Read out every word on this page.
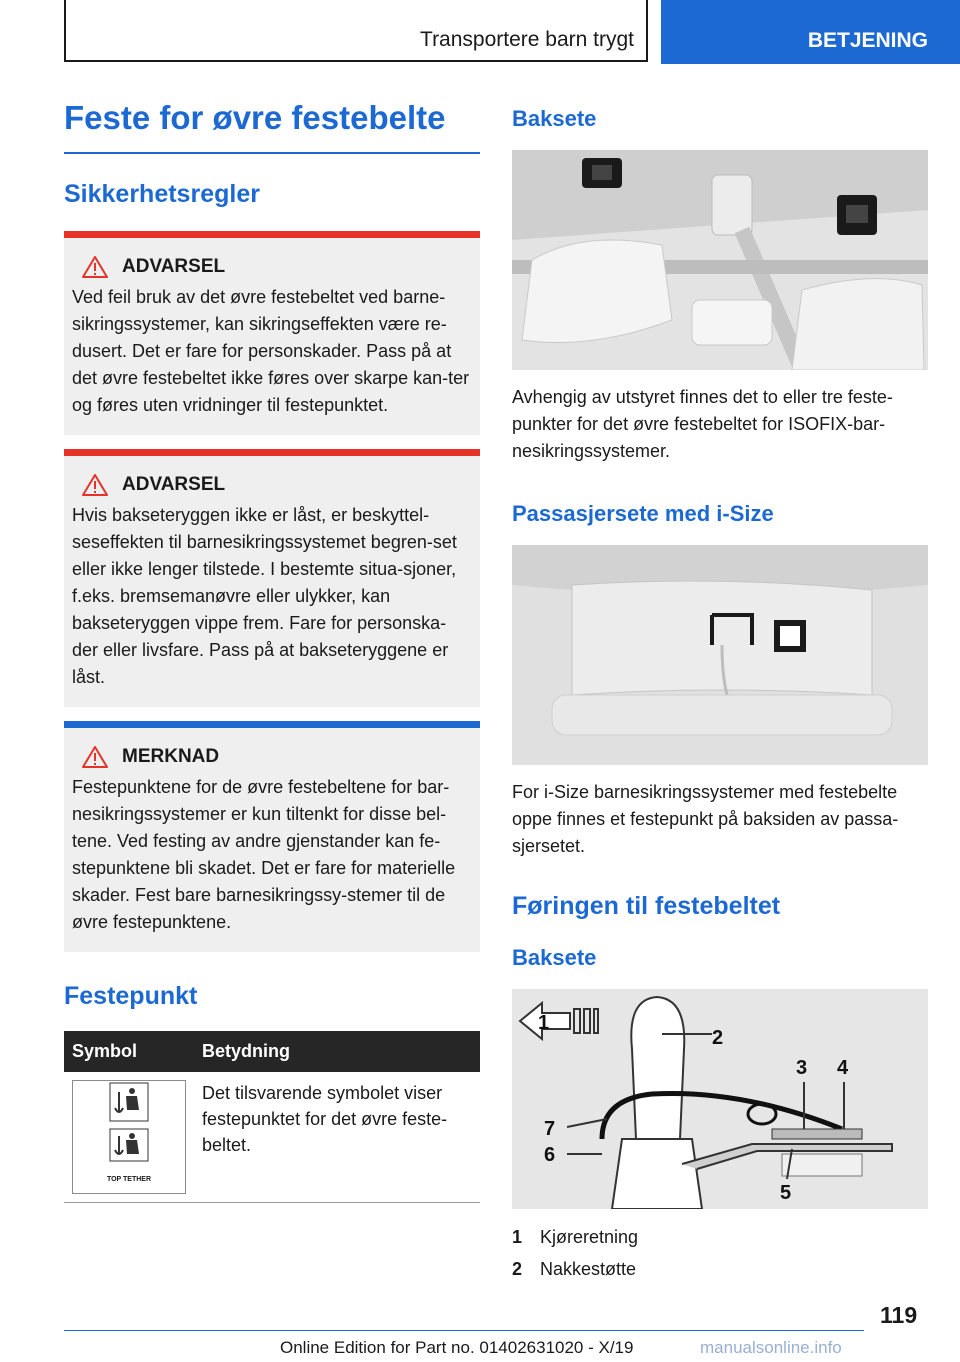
Transportere barn trygt	BETJENING
Feste for øvre festebelte
Sikkerhetsregler
ADVARSEL

Ved feil bruk av det øvre festebeltet ved barne-sikringssystemer, kan sikringseffekten være re-dusert. Det er fare for personskader. Pass på at det øvre festebeltet ikke føres over skarpe kan-ter og føres uten vridninger til festepunktet.

ADVARSEL

Hvis bakseteryggen ikke er låst, er beskyttel-seseffekten til barnesikringssystemet begren-set eller ikke lenger tilstede. I bestemte situa-sjoner, f.eks. bremsemanøvre eller ulykker, kan bakseteryggen vippe frem. Fare for personska-der eller livsfare. Pass på at bakseteryggene er låst.

MERKNAD

Festepunktene for de øvre festebeltene for bar-nesikringssystemer er kun tiltenkt for disse bel-tene. Ved festing av andre gjenstander kan fe-stepunktene bli skadet. Det er fare for materielle skader. Fest bare barnesikringssy-stemer til de øvre festepunktene.

Festepunkt
Symbol	Betydning

TOP TETHER	Det tilsvarende symbolet viser festepunktet for det øvre feste-beltet.
Baksete

Avhengig av utstyret finnes det to eller tre feste-punkter for det øvre festebeltet for ISOFIX-bar-nesikringssystemer.

Passasjersete med i-Size

For i-Size barnesikringssystemer med festebelte oppe finnes et festepunkt på baksiden av passa-sjersetet.

Føringen til festebeltet
Baksete
1
2
3 4
5
6
7
1 Kjøreretning
2 Nakkestøtte
119
Online Edition for Part no. 01402631020 - X/19	manualsonline.info
